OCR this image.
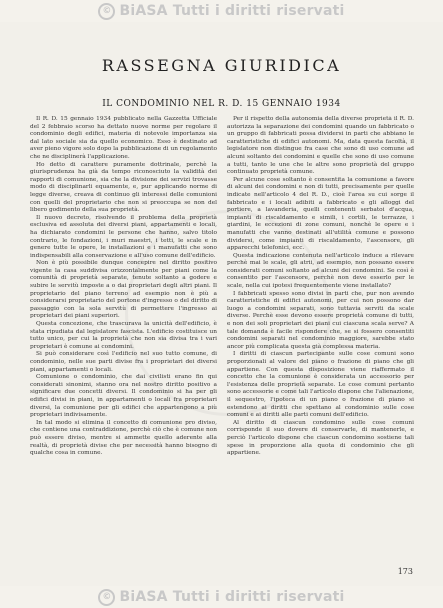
© BiASA Tutti i diritti riservati
RASSEGNA GIURIDICA
IL CONDOMINIO NEL R. D. 15 GENNAIO 1934

Il R. D. 15 gennaio 1934 pubblicato nella Gazzetta Ufficiale del 2 febbraio scorso ha dettato nuove norme per regolare il condominio degli edifici, materia di notevole importanza sia dal lato sociale sia da quello economico. Esso è destinato ad aver pieno vigore solo dopo la pubblicazione di un regolamento che ne disciplinerà l'applicazione.

Ho detto di carattere puramente dottrinale, perchè la giurisprudenza ha già da tempo riconosciuto la validità dei rapporti di comunione, sia che la divisione dei servizi trovasse modo di disciplinarli equamente, e, pur applicando norme di legge diverse, creava di continuo gli interessi delle comunioni con quelli del proprietario che non si preoccupa se non del libero godimento della sua proprietà.

Il nuovo decreto, risolvendo il problema della proprietà esclusiva ed assoluta dei diversi piani, appartamenti e locali, ha dichiarato condomini le persone che hanno, salvo titolo contrario, le fondazioni, i muri maestri, i tetti, le scale e in genere tutte le opere, le installazioni e i manufatti che sono indispensabili alla conservazione e all'uso comune dell'edificio.

Non è più possibile dunque concepire nel diritto positivo vigente la casa suddivisa orizzontalmente per piani come la comunità di proprietà separate, tenute soltanto a godere e subire le servitù imposte a o dai proprietari degli altri piani. Il proprietario del piano terreno ad esempio non è più a considerarsi proprietario del portone d'ingresso o del diritto di passaggio con la sola servitù di permettere l'ingresso ai proprietari dei piani superiori.

Questa concezione, che trascurava la unicità dell'edificio, è stata ripudiata dal legislatore fascista. L'edificio costituisce un tutto unico, per cui la proprietà che non sia divisa tra i vari proprietari è comune ai condomini.

Si può considerare così l'edificio nel suo tutto comune, di condominio, nelle sue parti divise fra i proprietari dei diversi piani, appartamenti o locali.

Comunione o condominio, che dai civilisti erano fin qui considerati sinonimi, stanno ora nel nostro diritto positivo a significare due concetti diversi. Il condominio si ha per gli edifici divisi in piani, in appartamenti o locali fra proprietari diversi, la comunione per gli edifici che appartengono a più proprietari indivisamente.

In tal modo si elimina il concetto di comunione pro diviso, che contiene una contraddizione, perchè ciò che è comune non può essere diviso, mentre si ammette quello aderente alla realtà, di proprietà divise che per necessità hanno bisogno di qualche cosa in comune.

Per il rispetto della autonomia della diverse proprietà il R. D. autorizza la separazione dei condomini quando un fabbricato o un gruppo di fabbricati possa dividersi in parti che abbiano le caratteristiche di edifici autonomi. Ma, data questa facoltà, il legislatore non distingue fra case che sono di uso comune ad alcuni soltanto dei condomini e quelle che sono di uso comune a tutti, tanto le une che le altre sono proprietà del gruppo continuato proprietà comune.

Per alcune cose soltanto è consentita la comunione a favore di alcuni dei condomini e non di tutti, precisamente per quelle indicate nell'articolo 4 del R. D., cioè l'area su cui sorge il fabbricato e i locali adibiti a fabbricato e gli alloggi del portiere, a lavanderia, quelli contenenti serbatoi d'acqua, impianti di riscaldamento e simili, i cortili, le terrazze, i giardini, le eccezioni di zone comuni, nonchè le opere e i manufatti che vanno destinati all'utilità comune e possono dividersi, come impianti di riscaldamento, l'ascensore, gli apparecchi telefonici, ecc.

Questa indicazione contenuta nell'articolo induce a rilevare perchè mai le scale, gli atrii, ad esempio, non possano essere considerati comuni soltanto ad alcuni dei condomini. Se così è consentito per l'ascensore, perchè non deve esserlo per le scale, nella cui ipotesi frequentemente viene installato?

I fabbricati spesso sono divisi in parti che, pur non avendo caratteristiche di edifici autonomi, per cui non possono dar luogo a condomini separati, sono tuttavia serviti da scale diverse. Perchè esse devono essere proprietà comune di tutti, e non dei soli proprietari dei piani cui ciascuna scala serve? A tale domanda è facile rispondere che, se si fossero consentiti condomini separati nel condominio maggiore, sarebbe stato ancor più complicata questa già complessa materia.

I diritti di ciascun partecipante sulle cose comuni sono proporzionali al valore del piano o frazione di piano che gli appartiene. Con questa disposizione viene riaffermato il concetto che la comunione è considerata un accessorio per l'esistenza delle proprietà separate. Le cose comuni pertanto sono accessorie e come tali l'articolo dispone che l'alienazione, il sequestro, l'ipoteca di un piano o frazione di piano si estendono ai diritti che spettano al condominio sulle cose comuni e ai diritti alle parti comuni dell'edificio.

Al diritto di ciascun condomino sulle cose comuni corrisponde il suo dovere di conservarle, di mantenerle, e perciò l'articolo dispone che ciascun condomino sostiene tali spese in proporzione alla quota di condominio che gli appartiene.

173
© BiASA Tutti i diritti riservati
